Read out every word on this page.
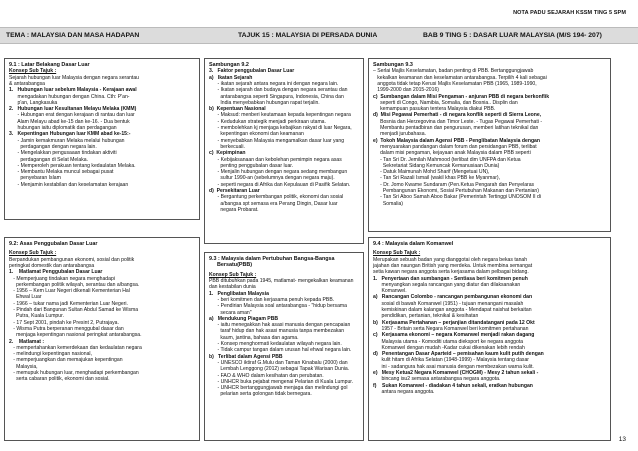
NOTA PADU SEJARAH KSSM TING 5 SPM
TEMA : MALAYSIA DAN MASA HADAPAN	TAJUK 15 : MALAYSIA DI PERSADA DUNIA	BAB 9 TING 5 : DASAR LUAR MALAYSIA (M/S 194- 207)
9.1 : Latar Belakang Dasar Luar

Konsep Sub Tajuk :

Sejarah hubungan luar Malaysia dengan negara serantau

& antarabangsa

1.   Hubungan luar sebelum Malaysia - Kerajaan awal

mengadakan hubungan dengan China. Cth: P'an-

p'an, Langkasuka

2.   Hubungan luar Kesultanan Melayu Melaka (KMM)

- Hubungan erat dengan kerajaan di rantau dan luar

Alam Melayu abad ke-15 dan ke-16. - Dua bentuk

hubungan iaitu diplomatik dan perdagangan

3.   Kepentingan Hubungan luar KMM abad ke-15:-

- Jamin kemakmuran Melaka melalui hubungan

perdagangan dengan negara lain.

- Mengelakkan pengusaaan tindakan aktiviti

perdagangan di Selat Melaka.

- Memperoleh perakuan tentang kedaulatan Melaka.

- Membantu Melaka muncul sebagai pusat

penyebaran Islam

- Menjamin kestabilan dan keselamatan kerajaan

9.2: Asas Penggubalan Dasar Luar

Konsep Sub Tajuk :

Berpandukan pembangunan ekonomi, sosial dan politik

peringkat domestik dan antarabangsa

1.    Matlamat Penggubalan Dasar Luar

- Memperjuang tindakan negara menghadapi

perkembangan politik wilayah, serantau dan a/bangsa.

- 1956 – Kem Luar Negeri dikenali Kementerian Hal

Ehwal Luar

- 1966 – tukar nama jadi Kementerian Luar Negeri.

- Pindah dari Bangunan Sultan Abdul Samad ke Wisma

Putra, Kuala Lumpur.

- 17 Sept 2001, pindah ke Presint 2, Putrajaya.

- Wisma Putra berperanan menggubal dasar dan

menjaga kepentingan nasional peringkat antarabangsa.

2.    Matlamat :

- mempertahankan kemerdekaan dan kedaulatan negara

- melindungi kepentingan nasional,

- memperjuangkan dan memajukan kepentingan

Malaysia,

- memupuk hubungan luar, menghadapi perkembangan

serta cabaran politik, ekonomi dan sosial.

Sambungan 9.2

3.   Faktor penggubalan Dasar Luar

a)   Ikatan Sejarah

- ikatan sejarah antara negara ini dengan negara lain.

- Ikatan sejarah dan budaya dengan negara serantau dan

antarabangsa seperti Singapura, Indonesia, China dan

India menyebabkan hubungan rapat terjalin.

b)  Kepentuan Nasional

- Maksud: menberi keutamaan kepada kepentingan negara

- Kedudukan strategik menjadi perkiraan utama.

- membolehkan kj menjaga kebajikan rakyat di luar Negara,

kepentingan ekonomi dan keamanan

- menyebabkan Malaysia mengamalkan dasar luar yang

berkecuali.

c)  Kepimpinan

- Kebijaksanaan dan kebolehan pemimpin negara asas

penting penggubalan dasar luar.

- Menjalin hubungan dengan negara sedang membangun

sultur 1990-an (sebelumnya dengan negara maju).

- seperti negara di Afrika dan Kepulauan di Pasifik Selatan.

d)  Persekitaran Luar

- Bergantung perkembangan politik, ekonomi dan sosial

a/bangsa spt semasa era Perang Dingin, Dasar luar

negara Probarat.

9.3 : Malaysia dalam Pertubuhan Bangsa-Bangsa
Bersatu(PBB)

Konsep Sub Tajuk :

PBB ditubuhkan pada 1945, matlamat- mengekalkan keamanan

dan kestabilan dunia

1.   Penglibatan Malaysia

- beri komitmen dan kerjasama penuh kepada PBB.

- Pendirian Malaysia soal antarabangsa - "hidup bersama

secara aman"

a)   Mendukung Piagam PBB

- iaitu menegakkan hak asasi manusia dengan pencapaian

taraf hidup dan hak asasi manusia tanpa membezakan

kaum, jantina, bahasa dan agama.

- Konsep menghormati kedaulatan wilayah negara lain.

- Tidak campur tangan dalam urusan hal ehwal negara lain.

b)   Terlibat dalam Agensi PBB

- UNESCO iktiraf G.Mulu dan Taman Kinabalu (2000) dan

Lembah Lenggong (2012) sebagai Tapak Warisan Dunia.

- FAO & WHO dalam kesihatan dan perubatan.

- UNHCR buka pejabat mengenai Pelarian di Kuala Lumpur.

- UNHCR bertanggungjawab menjaga dan melindungi gol

pelarian serta golongan tidak bernegara.

Sambungan 9.3

– Serlai Majlis Keselamatan, badan penting di PBB. Bertanggungjawab

kekalkan keamanan dan keselamatan antarabangsa. Terpilih 4 kali sebagai

anggota tidak tetap Kerusi Majlis Keselamatan PBB (1965, 1989-1990,

1999-2000 dan 2015-2016)

c)  Sumbangan dalam Misi Pengaman - anjuran PBB di negara berkonflik

seperti di Congo, Namibia, Somalia, dan Bosnia.. Displin dan

kemampuan pasukan tentera Malaysia diakui PBB.

d)  Misi Pegawai Pemerhati - di negara konflik seperti di Sierra Leone,

Bosnia dan Herzegovina dan Timor Leste. - Tugas Pegawai Pemerhati -

Membantu pentadbiran dan pengurusan, memberi latihan teknikal dan

menjadi jurubahasa.

e)  Tokoh Malaysia dalam Agensi PBB - Penglibatan Malaysia dengan

menyuarakan pandangan dalam forum dan persidangan PBB, terlibat

dalam misi pengaman, kejayaan anak Malaysia dalam PBB seperti

- Tan Sri Dr. Jemilah Mahmood (terlibat dim UNFPA dan Ketua

Sekretariat Sidang Kemuncak Kemanusiaan Dunia)

- Datuk Maimunah Mohd Sharif (Mengetuai UN),

- Tan Sri Razali Ismail (wakil khas PBB ke Myanmar),

- Dr. Jomo Kwame Sundaram (Pen.Ketua Pengarah dan Penyelaras

Pembangunan Ekonomi, Sosial Pertubuhan Makanan dan Pertanian)

- Tan Sri Aboo Samah Aboo Bakar (Pemerintah Tertinggi UNOSOM II di

Somalia)

9.4 : Malaysia dalam Komanwel

Konsep Sub Tajuk :

Merupakan sebuah badan yang dianggotai oleh negara bekas tanah

jajahan dan naungan British yang merdeka. Untuk membina semangat

setia kawan negara anggota serta kerjasama dalam pelbagai bidang.

1.   Penyertaan dan sumbangan - Sentiasa beri komitmen penuh

menyangkan segala rancangan yang diatur dan dilaksanakan

Komanwel.

a)   Rancangan Colombo - rancangan pembangunan ekonomi dan

sosial di bawah Komanwel (1951) - tujuan menangani masalah

kemiskinan dalam kalangan anggota - Mendapat naishat berkaitan

pendidikan, pertanian, teknikal & kesihatan

b)   Kerjasama Pertahanan – perjanjian ditandatangani pada 12 Okt

1957 - Britain serta Negara Komanwel beri komitmen pertahanan

c)   Kerjasama ekonomi – negara Komanwel menjadi rakan dagang

Malaysia utama - Komoditi utama dieksport ke negara anggota

Komanwel dengan mudah -Kadar cukai dikenakan lebih rendah

d)   Penentangan Dasar Aparteid – pemisahan kaum kulit putih dengan

kulit hitam di Afrika Selatan (1948-1999) - Malaysia tentang dasar

ini - sadangura hak asai manusia dengan membezakan warna kulit.

e)   Mesy Ketua2 Negara Komanwel (CHOGM) - Mesy 2 tahun sekali -

bincang isu2 semasa antarabangsa negara anggota.

f)    Sukan Komanwel - diadakan 4 tahun sekali, eratkan hubungan

antara negara anggota.

13
